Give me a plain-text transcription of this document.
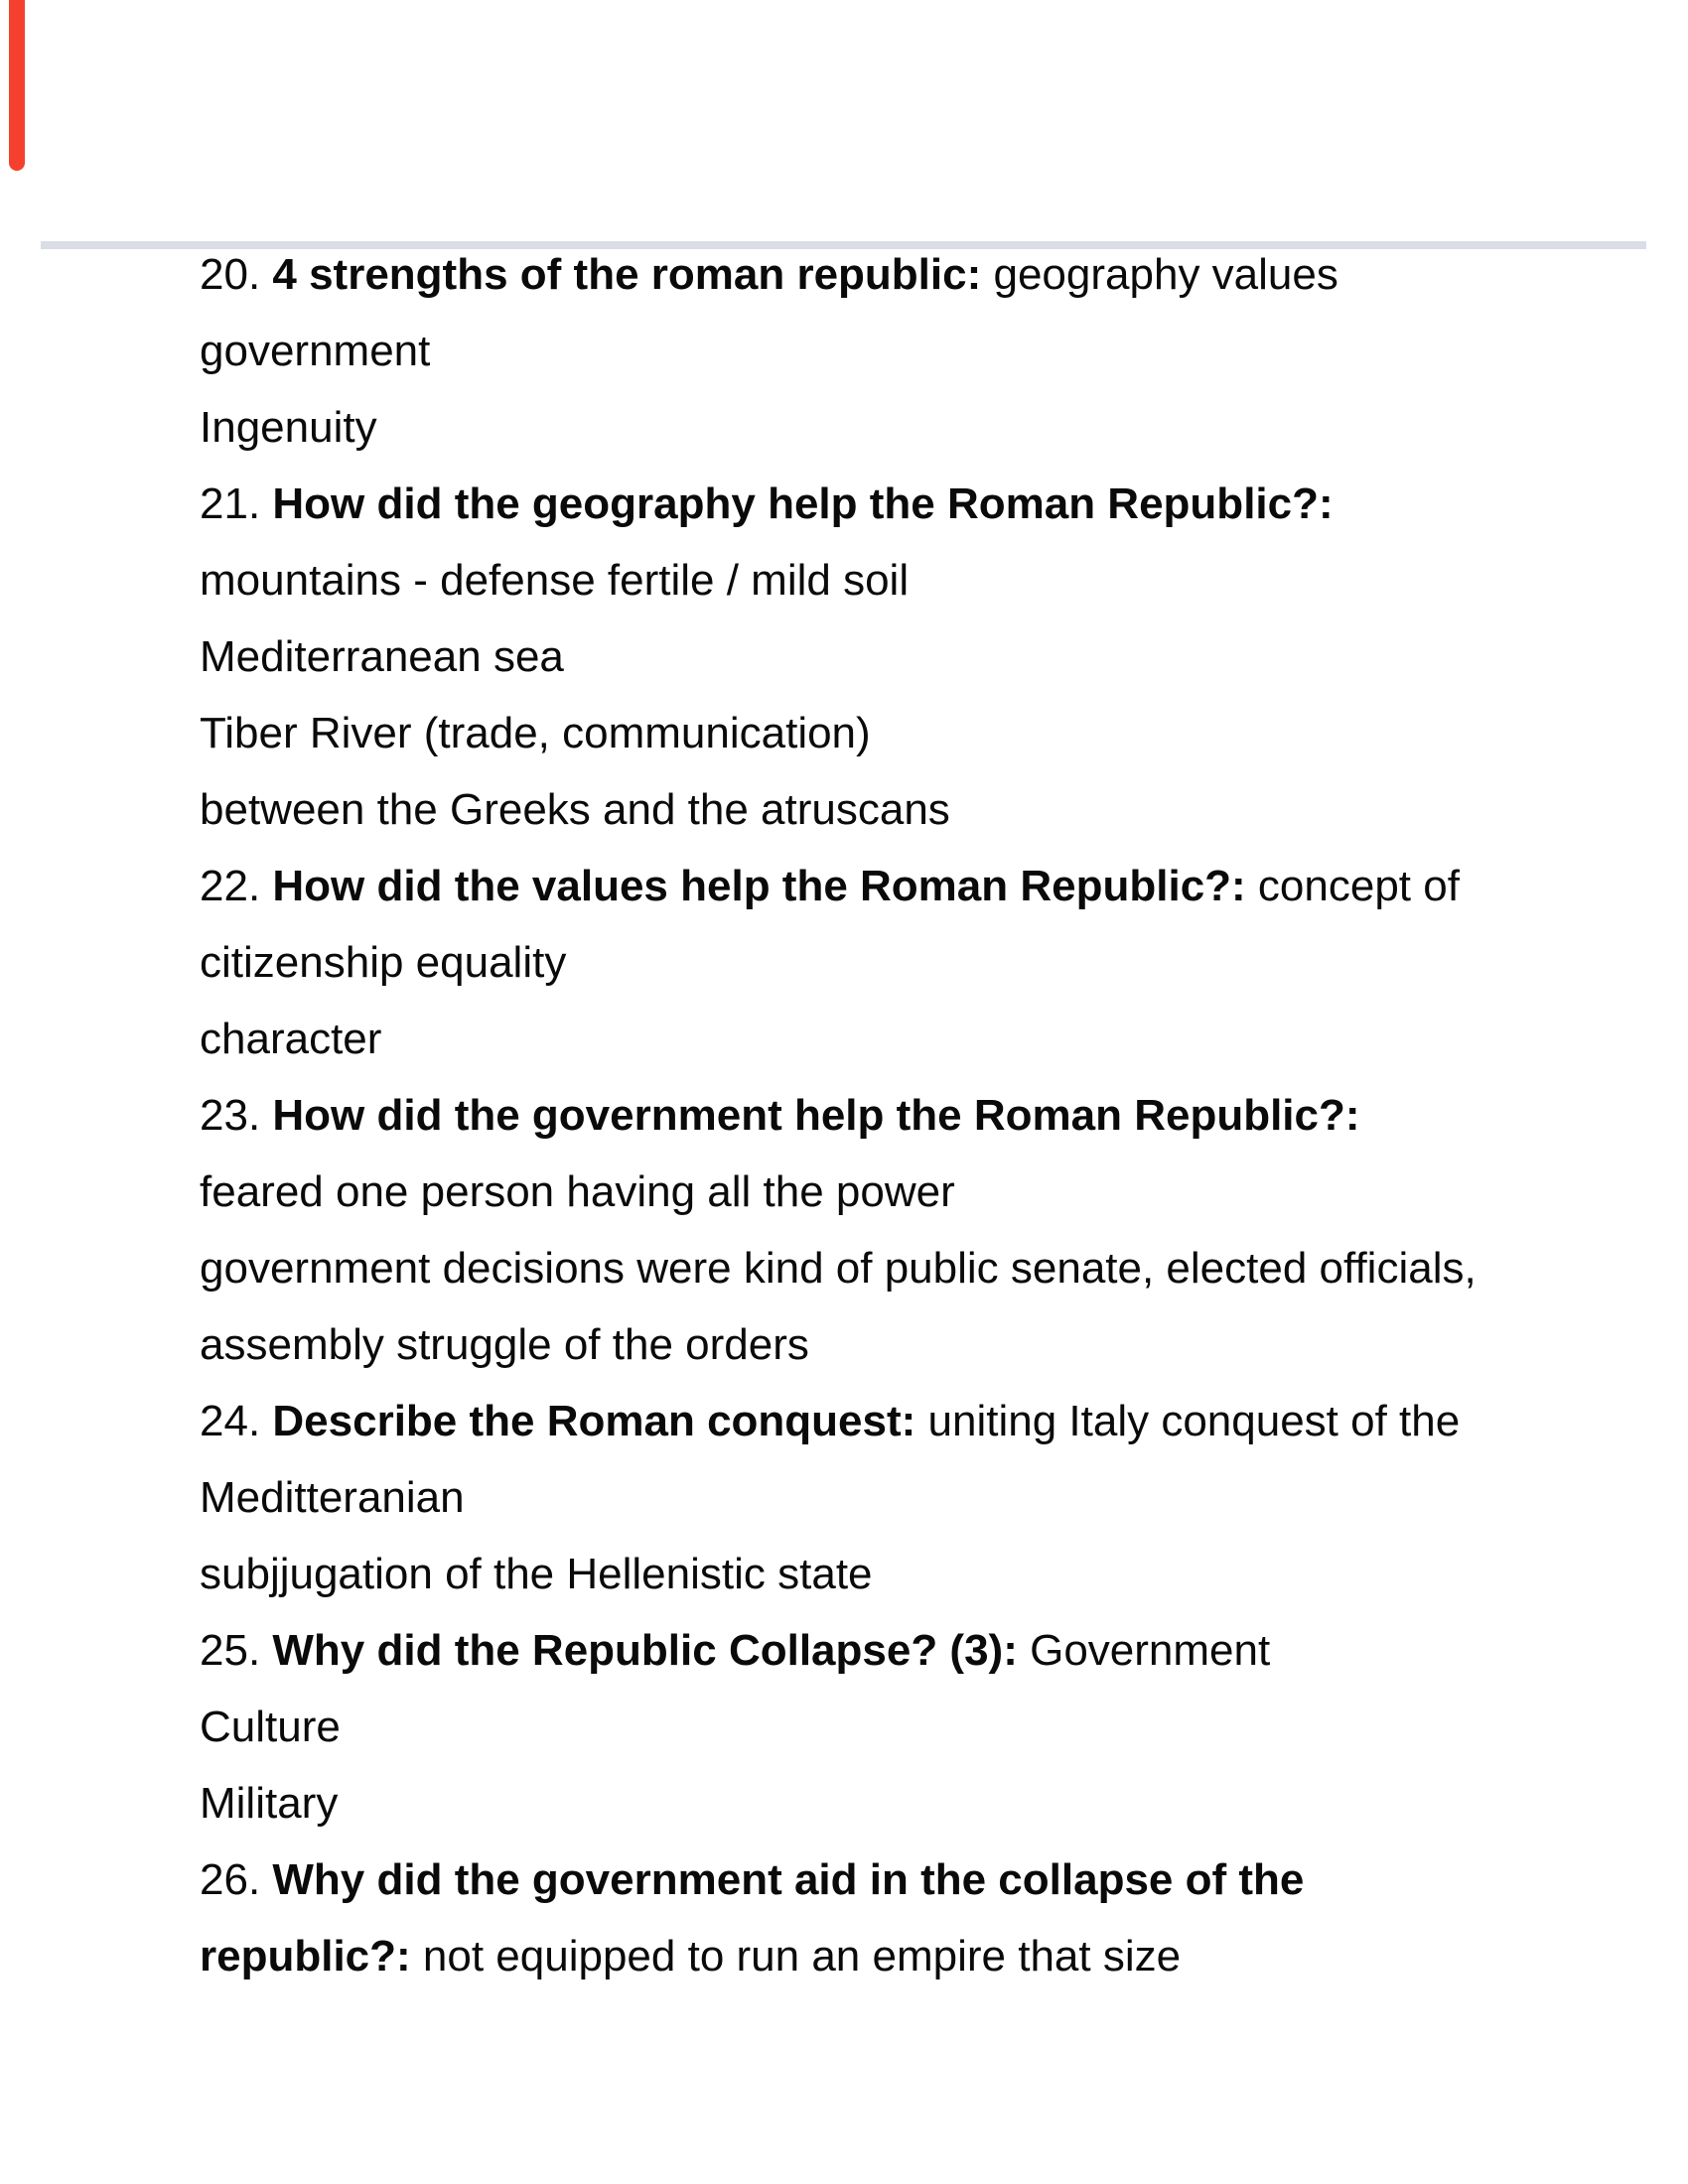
20. 4 strengths of the roman republic: geography values
government
Ingenuity
21. How did the geography help the Roman Republic?:
mountains - defense fertile / mild soil
Mediterranean sea
Tiber River (trade, communication)
between the Greeks and the atruscans
22. How did the values help the Roman Republic?: concept of
citizenship equality
character
23. How did the government help the Roman Republic?:
feared one person having all the power
government decisions were kind of public senate, elected officials,
assembly struggle of the orders
24. Describe the Roman conquest: uniting Italy conquest of the
Meditteranian
subjjugation of the Hellenistic state
25. Why did the Republic Collapse? (3): Government
Culture
Military
26. Why did the government aid in the collapse of the
republic?: not equipped to run an empire that size
